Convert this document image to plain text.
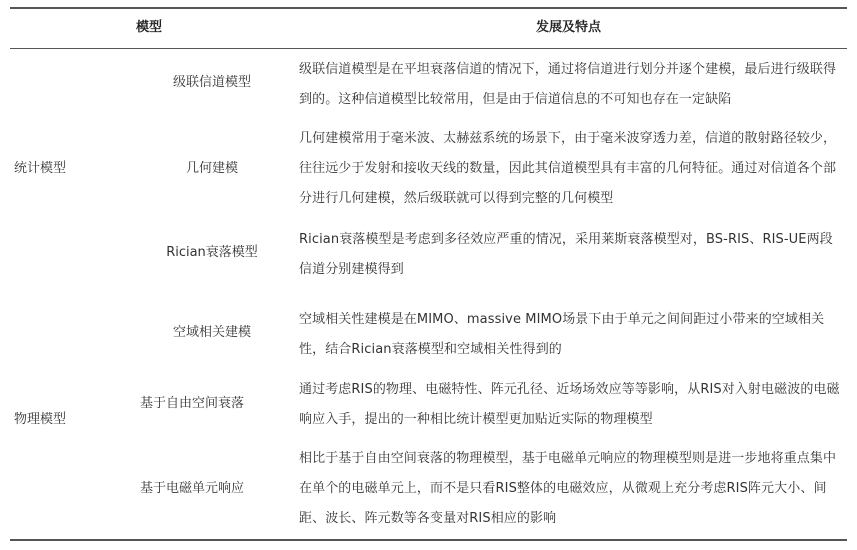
模型	发展及特点
统计模型
物理模型
级联信道模型
级联信道模型是在平坦衰落信道的情况下，通过将信道进行划分并逐个建模，最后进行级联得到的。这种信道模型比较常用，但是由于信道信息的不可知也存在一定缺陷
几何建模
几何建模常用于毫米波、太赫兹系统的场景下，由于毫米波穿透力差，信道的散射路径较少，往往远少于发射和接收天线的数量，因此其信道模型具有丰富的几何特征。通过对信道各个部分进行几何建模，然后级联就可以得到完整的几何模型
Rician衰落模型
Rician衰落模型是考虑到多径效应严重的情况，采用莱斯衰落模型对，BS-RIS、RIS-UE两段信道分别建模得到
空域相关建模
空域相关性建模是在MIMO、massive MIMO场景下由于单元之间间距过小带来的空域相关性，结合Rician衰落模型和空域相关性得到的
基于自由空间衰落
通过考虑RIS的物理、电磁特性、阵元孔径、近场场效应等等影响，从RIS对入射电磁波的电磁响应入手，提出的一种相比统计模型更加贴近实际的物理模型
基于电磁单元响应
相比于基于自由空间衰落的物理模型，基于电磁单元响应的物理模型则是进一步地将重点集中在单个的电磁单元上，而不是只看RIS整体的电磁效应，从微观上充分考虑RIS阵元大小、间距、波长、阵元数等各变量对RIS相应的影响
